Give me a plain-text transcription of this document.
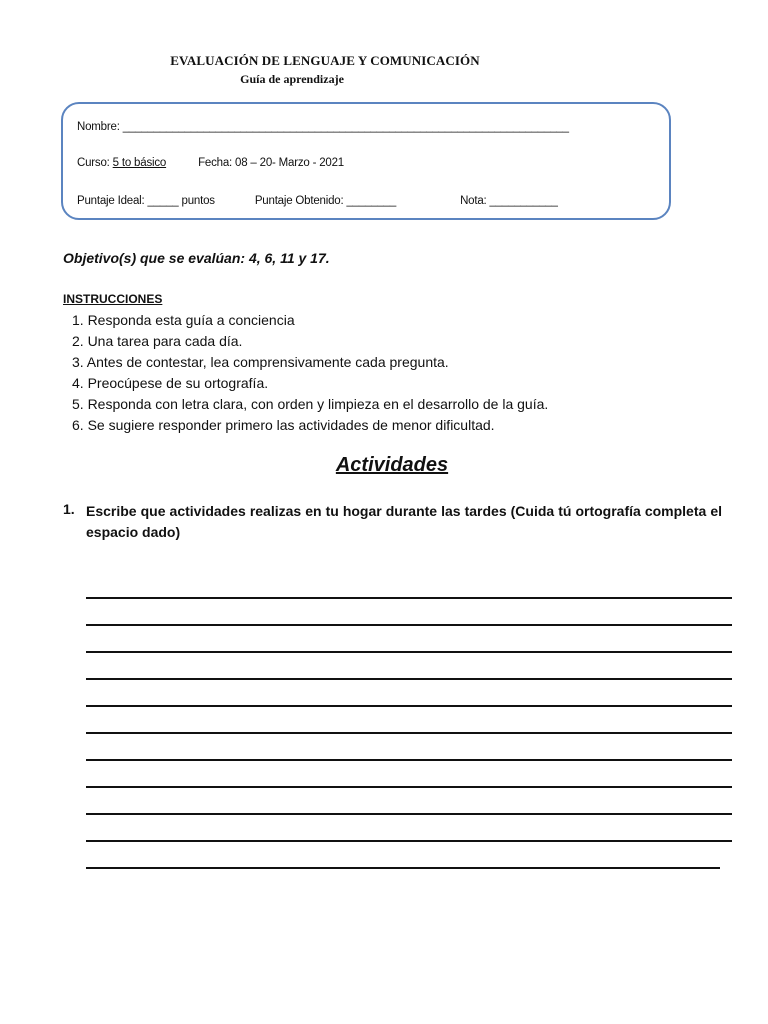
EVALUACIÓN DE LENGUAJE Y COMUNICACIÓN
Guía de aprendizaje
Nombre: ________________________________________________________________________
Curso: 5 to básico	Fecha: 08 – 20- Marzo - 2021
Puntaje Ideal: _____ puntos	Puntaje Obtenido: ________	Nota: ___________
Objetivo(s) que se evalúan: 4, 6, 11 y 17.
INSTRUCCIONES
1. Responda esta guía a conciencia
2. Una tarea para cada día.
3. Antes de contestar, lea comprensivamente cada pregunta.
4. Preocúpese de su ortografía.
5. Responda con letra clara, con orden y limpieza en el desarrollo de la guía.
6. Se sugiere responder primero las actividades de menor dificultad.
Actividades
1. Escribe que actividades realizas en tu hogar durante las tardes (Cuida tú ortografía completa el espacio dado)
